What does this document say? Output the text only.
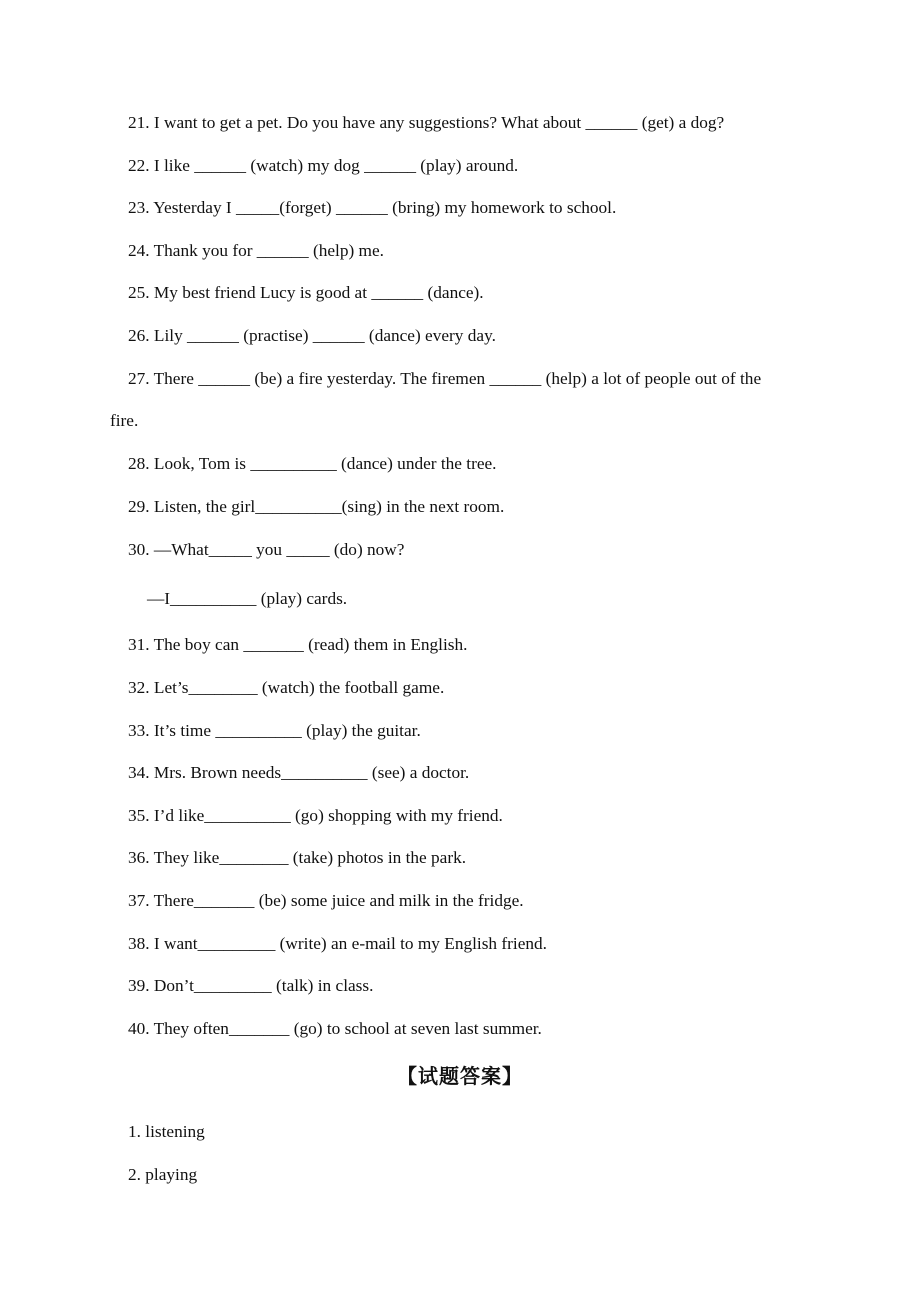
21. I want to get a pet. Do you have any suggestions? What about ______ (get) a dog?
22. I like ______ (watch) my dog ______ (play) around.
23. Yesterday I _____(forget) ______ (bring) my homework to school.
24. Thank you for ______ (help) me.
25. My best friend Lucy is good at ______ (dance).
26. Lily ______ (practise) ______ (dance) every day.
27. There ______ (be) a fire yesterday. The firemen ______ (help) a lot of people out of the
fire.
28. Look, Tom is __________ (dance) under the tree.
29. Listen, the girl__________(sing) in the next room.
30. —What_____ you _____ (do) now?
—I__________ (play) cards.
31. The boy can _______ (read) them in English.
32. Let’s________ (watch) the football game.
33. It’s time __________ (play) the guitar.
34. Mrs. Brown needs__________ (see) a doctor.
35. I’d like__________ (go) shopping with my friend.
36. They like________ (take) photos in the park.
37. There_______ (be) some juice and milk in the fridge.
38. I want_________ (write) an e-mail to my English friend.
39. Don’t_________ (talk) in class.
40. They often_______ (go) to school at seven last summer.
【试题答案】
1. listening
2. playing
